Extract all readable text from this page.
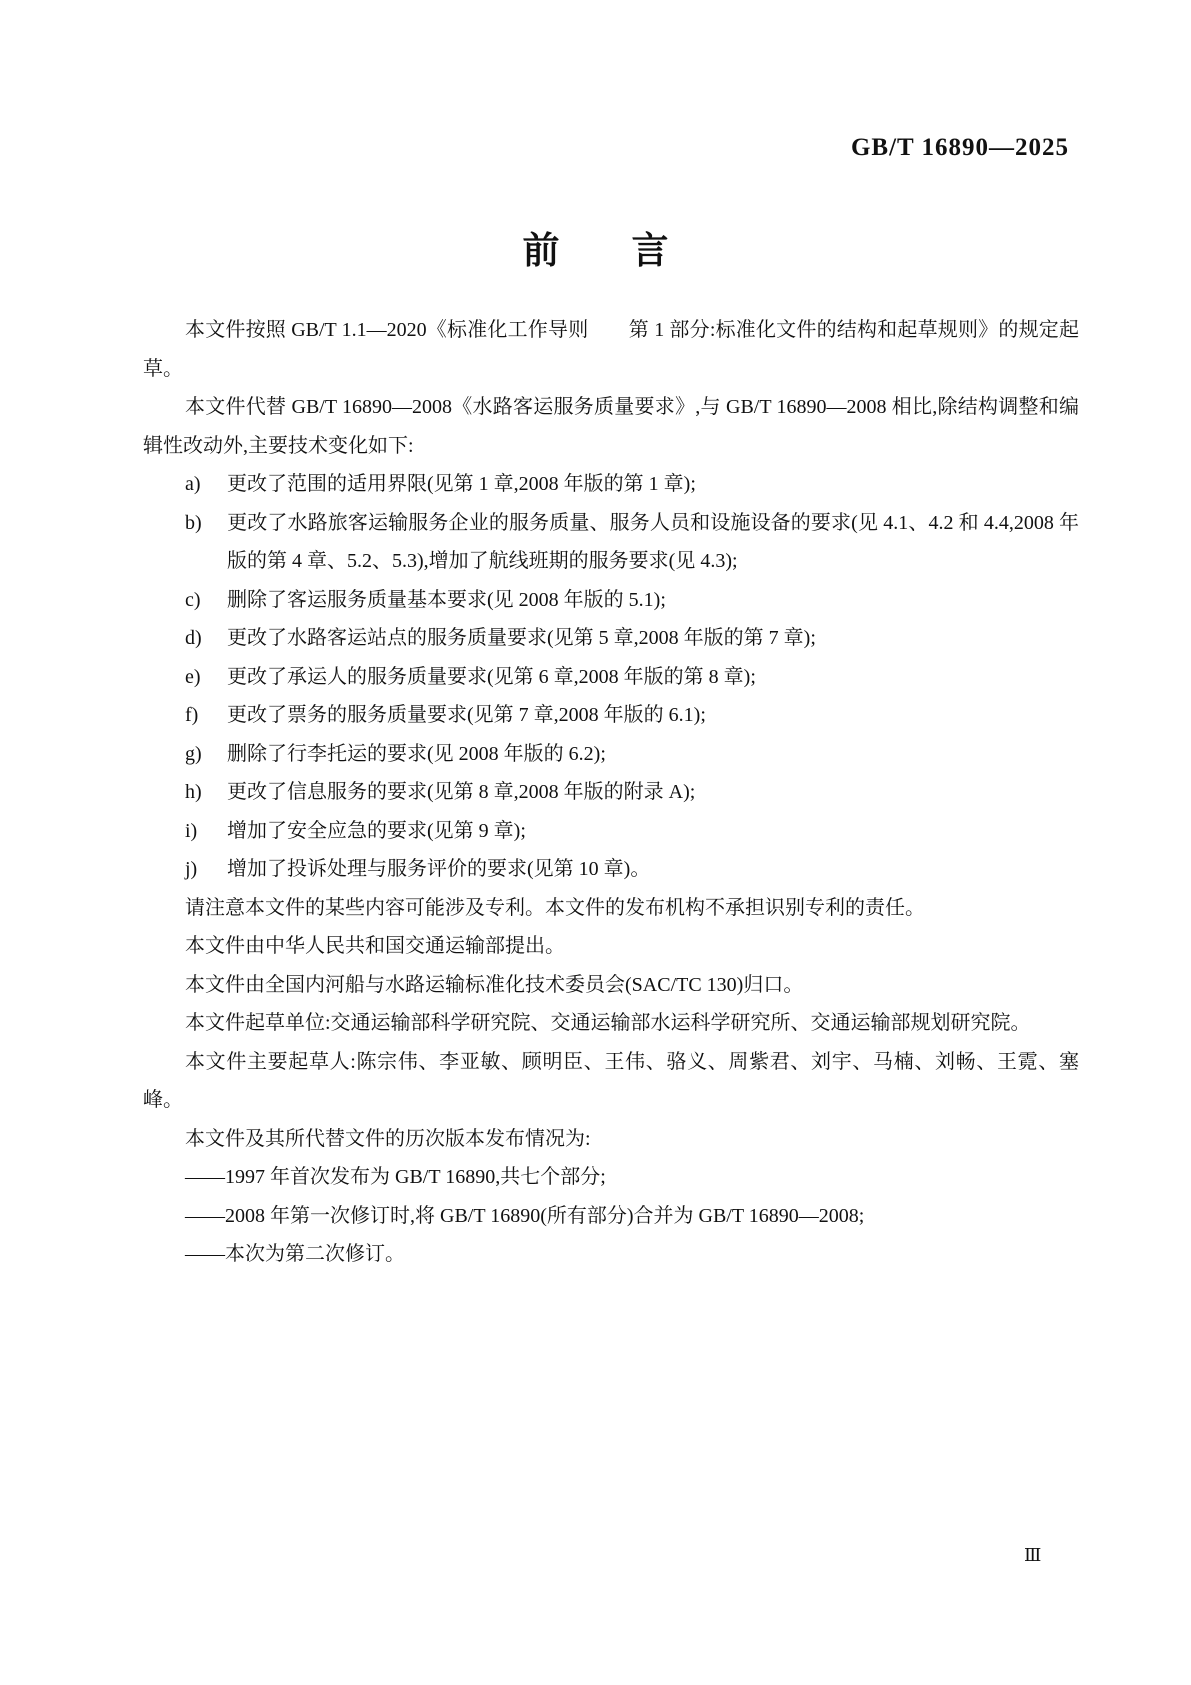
GB/T 16890—2025
前 言

本文件按照 GB/T 1.1—2020《标准化工作导则　　第 1 部分:标准化文件的结构和起草规则》的规定起草。

本文件代替 GB/T 16890—2008《水路客运服务质量要求》,与 GB/T 16890—2008 相比,除结构调整和编辑性改动外,主要技术变化如下:

a) 更改了范围的适用界限(见第 1 章,2008 年版的第 1 章);

b) 更改了水路旅客运输服务企业的服务质量、服务人员和设施设备的要求(见 4.1、4.2 和 4.4,2008 年版的第 4 章、5.2、5.3),增加了航线班期的服务要求(见 4.3);

c) 删除了客运服务质量基本要求(见 2008 年版的 5.1);

d) 更改了水路客运站点的服务质量要求(见第 5 章,2008 年版的第 7 章);

e) 更改了承运人的服务质量要求(见第 6 章,2008 年版的第 8 章);

f) 更改了票务的服务质量要求(见第 7 章,2008 年版的 6.1);

g) 删除了行李托运的要求(见 2008 年版的 6.2);

h) 更改了信息服务的要求(见第 8 章,2008 年版的附录 A);

i) 增加了安全应急的要求(见第 9 章);

j) 增加了投诉处理与服务评价的要求(见第 10 章)。

请注意本文件的某些内容可能涉及专利。本文件的发布机构不承担识别专利的责任。

本文件由中华人民共和国交通运输部提出。

本文件由全国内河船与水路运输标准化技术委员会(SAC/TC 130)归口。

本文件起草单位:交通运输部科学研究院、交通运输部水运科学研究所、交通运输部规划研究院。

本文件主要起草人:陈宗伟、李亚敏、顾明臣、王伟、骆义、周紫君、刘宇、马楠、刘畅、王霓、塞峰。

本文件及其所代替文件的历次版本发布情况为:

——1997 年首次发布为 GB/T 16890,共七个部分;

——2008 年第一次修订时,将 GB/T 16890(所有部分)合并为 GB/T 16890—2008;

——本次为第二次修订。

Ⅲ
